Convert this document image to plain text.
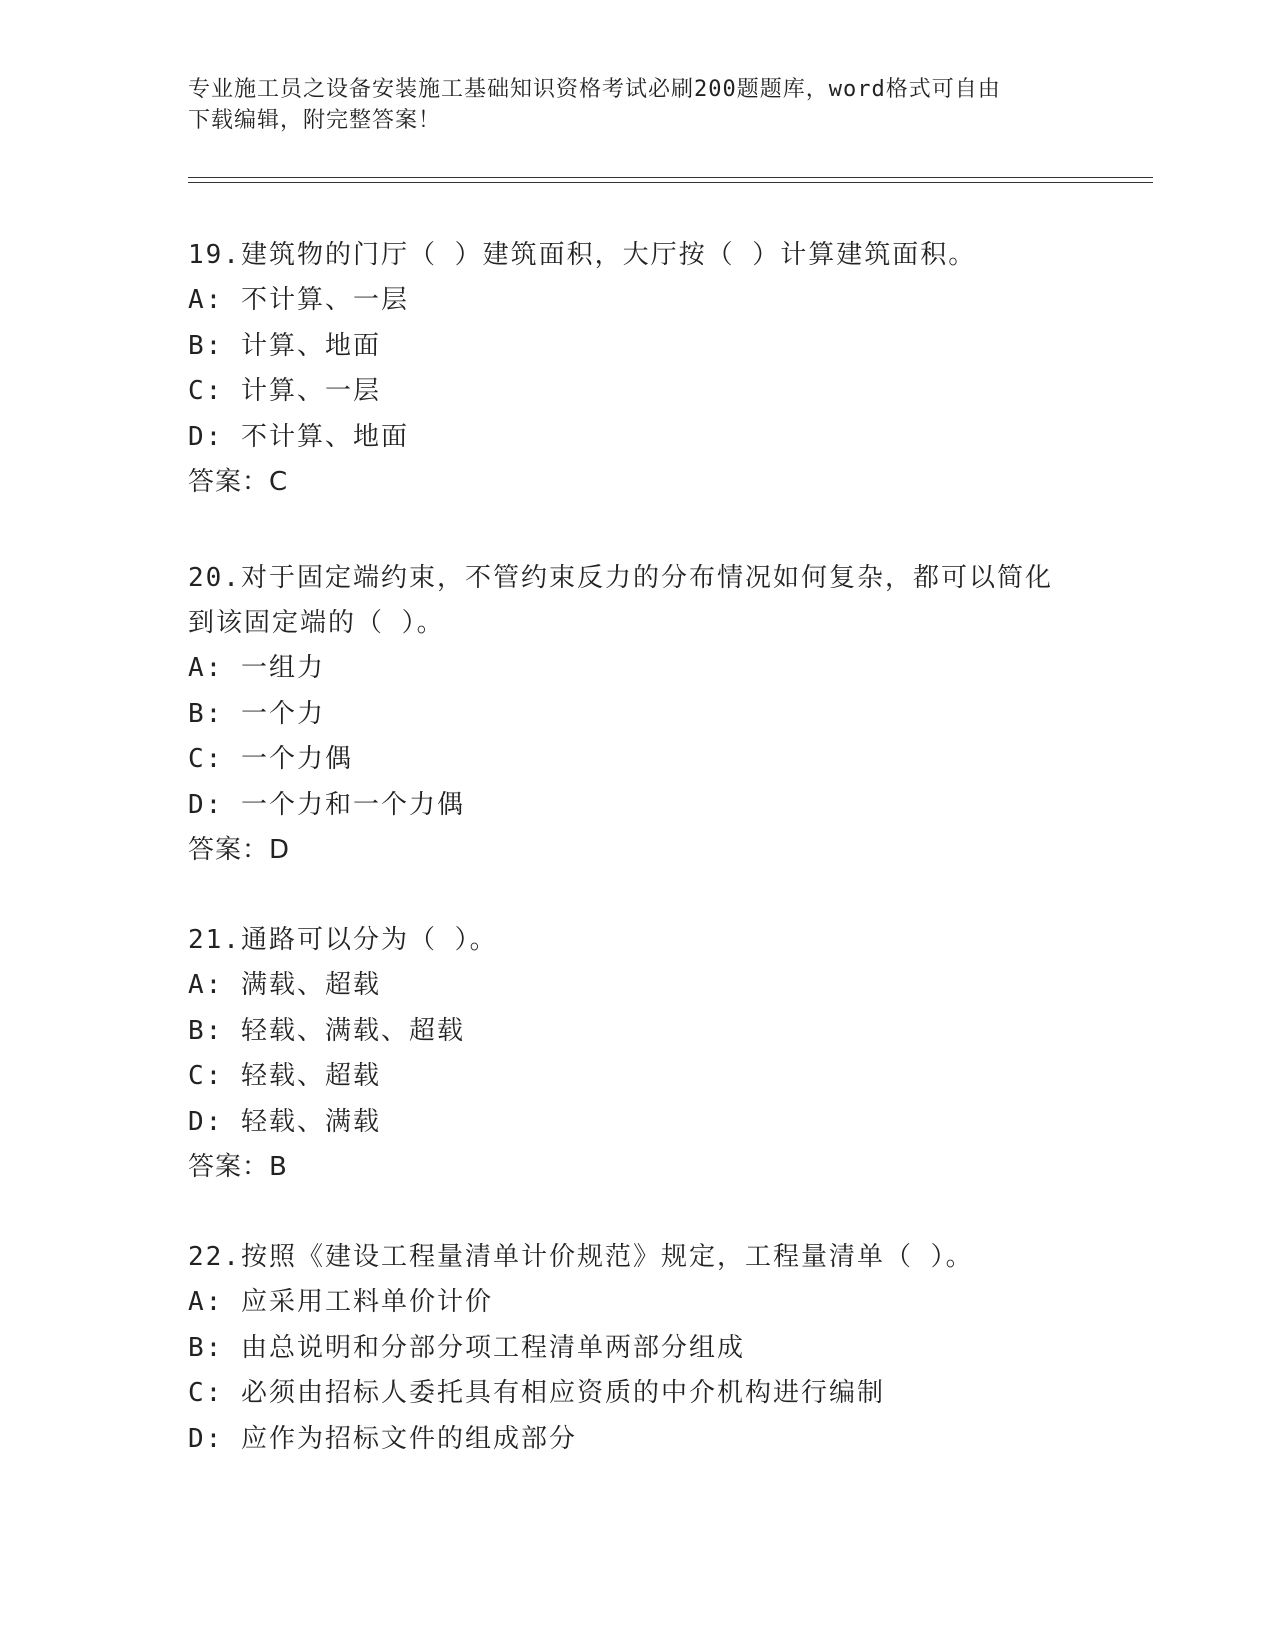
专业施工员之设备安装施工基础知识资格考试必刷200题题库，word格式可自由
下载编辑，附完整答案！

19.建筑物的门厅（ ）建筑面积，大厅按（ ）计算建筑面积。

A: 不计算、一层

B: 计算、地面

C: 计算、一层

D: 不计算、地面

答案：C

20.对于固定端约束，不管约束反力的分布情况如何复杂，都可以简化

到该固定端的（ ）。

A: 一组力

B: 一个力

C: 一个力偶

D: 一个力和一个力偶

答案：D

21.通路可以分为（ ）。

A: 满载、超载

B: 轻载、满载、超载

C: 轻载、超载

D: 轻载、满载

答案：B

22.按照《建设工程量清单计价规范》规定，工程量清单（ ）。

A: 应采用工料单价计价

B: 由总说明和分部分项工程清单两部分组成

C: 必须由招标人委托具有相应资质的中介机构进行编制

D: 应作为招标文件的组成部分
